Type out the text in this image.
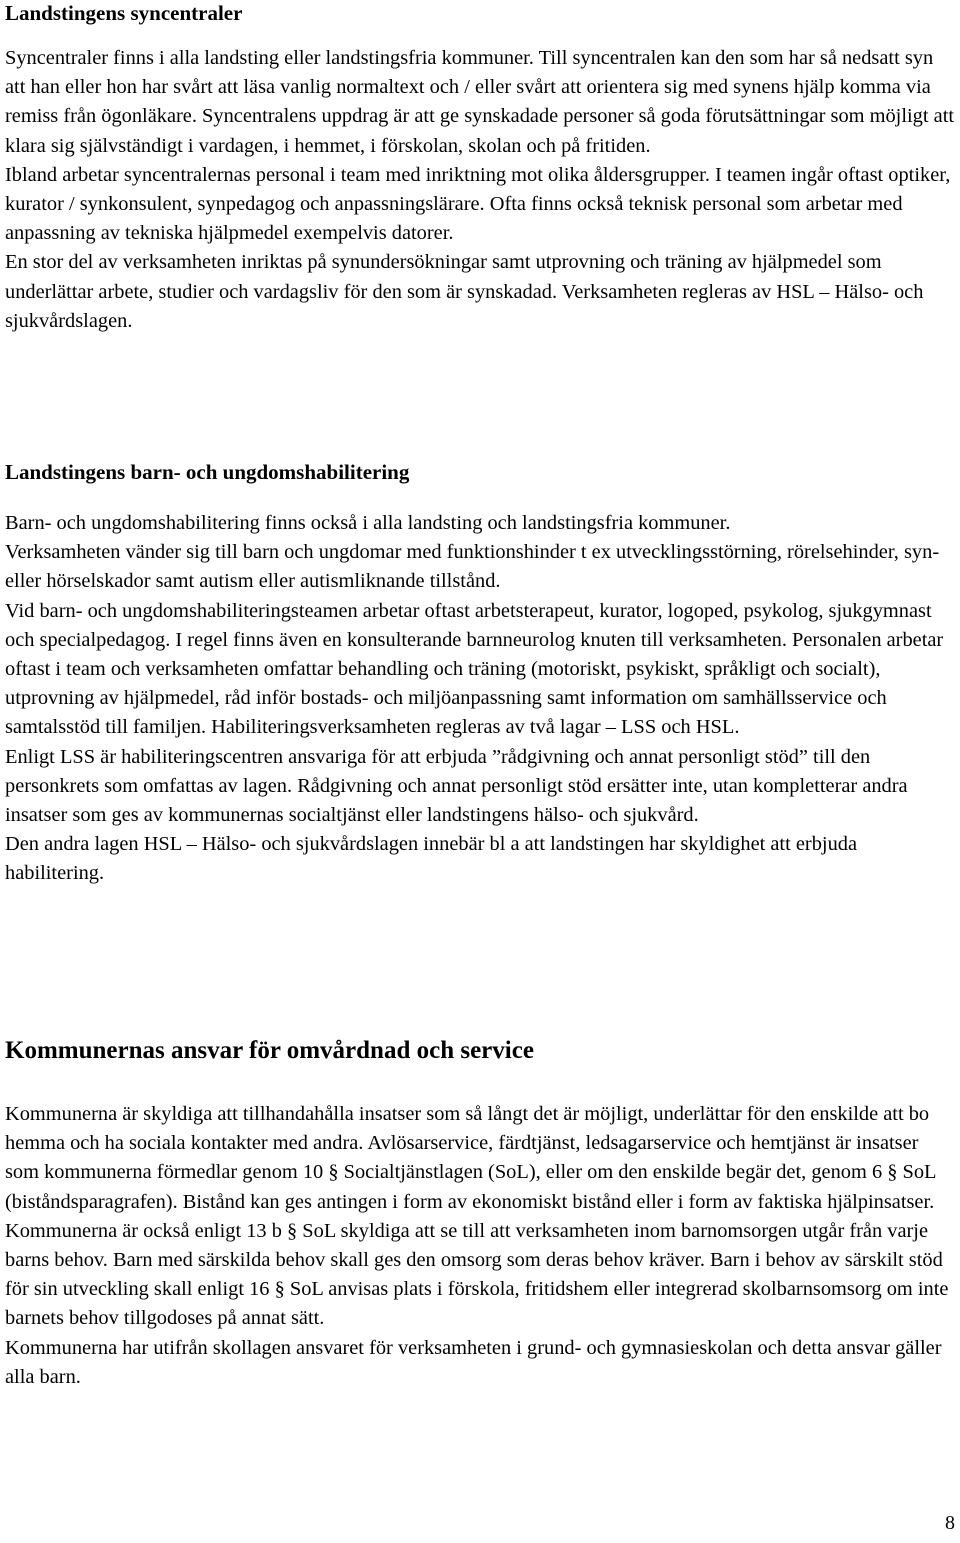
Landstingens syncentraler

Syncentraler finns i alla landsting eller landstingsfria kommuner. Till syncentralen kan den som har så nedsatt syn att han eller hon har svårt att läsa vanlig normaltext och / eller svårt att orientera sig med synens hjälp komma via remiss från ögonläkare. Syncentralens uppdrag är att ge synskadade personer så goda förutsättningar som möjligt att klara sig självständigt i vardagen, i hemmet, i förskolan, skolan och på fritiden.

Ibland arbetar syncentralernas personal i team med inriktning mot olika åldersgrupper. I teamen ingår oftast optiker, kurator / synkonsulent, synpedagog och anpassningslärare. Ofta finns också teknisk personal som arbetar med anpassning av tekniska hjälpmedel exempelvis datorer.

En stor del av verksamheten inriktas på synundersökningar samt utprovning och träning av hjälpmedel som underlättar arbete, studier och vardagsliv för den som är synskadad. Verksamheten regleras av HSL – Hälso- och sjukvårdslagen.

Landstingens barn- och ungdomshabilitering

Barn- och ungdomshabilitering finns också i alla landsting och landstingsfria kommuner.

Verksamheten vänder sig till barn och ungdomar med funktionshinder t ex utvecklingsstörning, rörelsehinder, syn- eller hörselskador samt autism eller autismliknande tillstånd.

Vid barn- och ungdomshabiliteringsteamen arbetar oftast arbetsterapeut, kurator, logoped, psykolog, sjukgymnast och specialpedagog. I regel finns även en konsulterande barnneurolog knuten till verksamheten. Personalen arbetar oftast i team och verksamheten omfattar behandling och träning (motoriskt, psykiskt, språkligt och socialt), utprovning av hjälpmedel, råd inför bostads- och miljöanpassning samt information om samhällsservice och samtalsstöd till familjen. Habiliteringsverksamheten regleras av två lagar – LSS och HSL.

Enligt LSS är habiliteringscentren ansvariga för att erbjuda ”rådgivning och annat personligt stöd” till den personkrets som omfattas av lagen. Rådgivning och annat personligt stöd ersätter inte, utan kompletterar andra insatser som ges av kommunernas socialtjänst eller landstingens hälso- och sjukvård.

Den andra lagen HSL – Hälso- och sjukvårdslagen innebär bl a att landstingen har skyldighet att erbjuda habilitering.

Kommunernas ansvar för omvårdnad och service

Kommunerna är skyldiga att tillhandahålla insatser som så långt det är möjligt, underlättar för den enskilde att bo hemma och ha sociala kontakter med andra. Avlösarservice, färdtjänst, ledsagarservice och hemtjänst är insatser som kommunerna förmedlar genom 10 § Socialtjänstlagen (SoL), eller om den enskilde begär det, genom 6 § SoL (biståndsparagrafen). Bistånd kan ges antingen i form av ekonomiskt bistånd eller i form av faktiska hjälpinsatser.

Kommunerna är också enligt 13 b § SoL skyldiga att se till att verksamheten inom barnomsorgen utgår från varje barns behov. Barn med särskilda behov skall ges den omsorg som deras behov kräver. Barn i behov av särskilt stöd för sin utveckling skall enligt 16 § SoL anvisas plats i förskola, fritidshem eller integrerad skolbarnsomsorg om inte barnets behov tillgodoses på annat sätt.

Kommunerna har utifrån skollagen ansvaret för verksamheten i grund- och gymnasieskolan och detta ansvar gäller alla barn.

8
